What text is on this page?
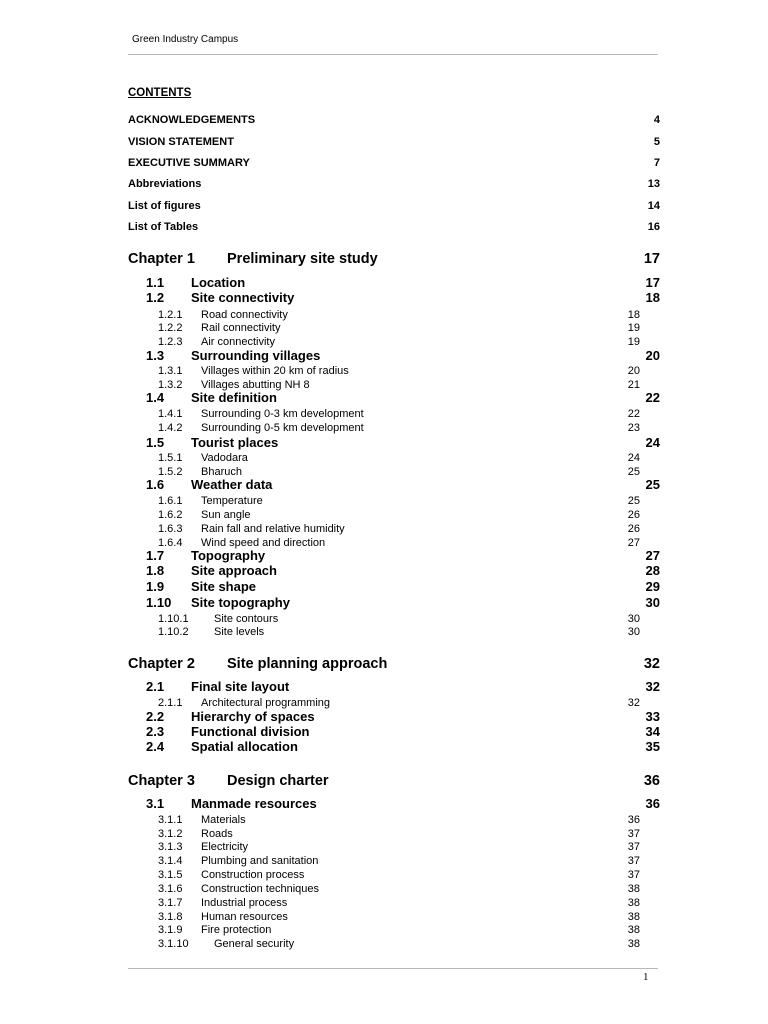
Green Industry Campus
CONTENTS
ACKNOWLEDGEMENTS	4
VISION STATEMENT	5
EXECUTIVE SUMMARY	7
Abbreviations	13
List of figures	14
List of Tables	16
Chapter 1	Preliminary site study	17
1.1	Location	17
1.2	Site connectivity	18
1.2.1	Road connectivity	18
1.2.2	Rail connectivity	19
1.2.3	Air connectivity	19
1.3	Surrounding villages	20
1.3.1	Villages within 20 km of radius	20
1.3.2	Villages abutting NH 8	21
1.4	Site definition	22
1.4.1	Surrounding 0-3 km development	22
1.4.2	Surrounding 0-5 km development	23
1.5	Tourist places	24
1.5.1	Vadodara	24
1.5.2	Bharuch	25
1.6	Weather data	25
1.6.1	Temperature	25
1.6.2	Sun angle	26
1.6.3	Rain fall and relative humidity	26
1.6.4	Wind speed and direction	27
1.7	Topography	27
1.8	Site approach	28
1.9	Site shape	29
1.10	Site topography	30
1.10.1	Site contours	30
1.10.2	Site levels	30
Chapter 2	Site planning approach	32
2.1	Final site layout	32
2.1.1	Architectural programming	32
2.2	Hierarchy of spaces	33
2.3	Functional division	34
2.4	Spatial allocation	35
Chapter 3	Design charter	36
3.1	Manmade resources	36
3.1.1	Materials	36
3.1.2	Roads	37
3.1.3	Electricity	37
3.1.4	Plumbing and sanitation	37
3.1.5	Construction process	37
3.1.6	Construction techniques	38
3.1.7	Industrial process	38
3.1.8	Human resources	38
3.1.9	Fire protection	38
3.1.10	General security	38
1
